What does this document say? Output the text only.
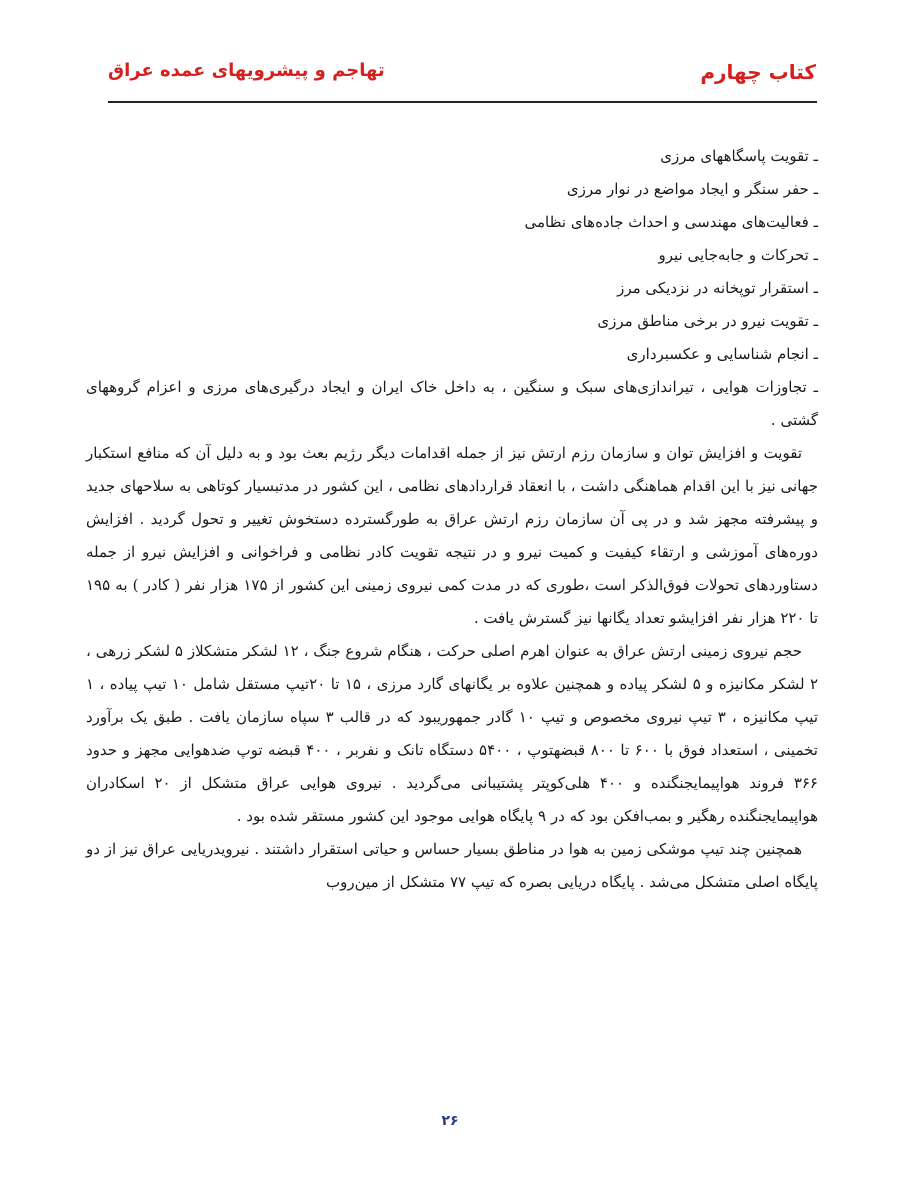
کتاب چهارم
تهاجم و پیشرویهای عمده عراق
ـ تقویت پاسگاههای مرزی
ـ حفر سنگر و ایجاد مواضع در نوار مرزی
ـ فعالیت‌های مهندسی و احداث جاده‌های نظامی
ـ تحرکات و جابه‌جایی نیرو
ـ استقرار توپخانه در نزدیکی مرز
ـ تقویت نیرو در برخی مناطق مرزی
ـ انجام شناسایی و عکسبرداری
ـ تجاوزات هوایی ، تیراندازی‌های سبک و سنگین ، به داخل خاک ایران و ایجاد درگیری‌های مرزی و اعزام گروههای گشتی .

تقویت و افزایش توان و سازمان رزم ارتش نیز از جمله اقدامات دیگر رژیم بعث بود و به دلیل آن که منافع استکبار جهانی نیز با این اقدام هماهنگی داشت ، با انعقاد قراردادهای نظامی ، این کشور در مدتبسیار کوتاهی به سلاحهای جدید و پیشرفته مجهز شد و در پی آن سازمان رزم ارتش عراق به طورگسترده دستخوش تغییر و تحول گردید . افزایش دوره‌های آموزشی و ارتقاء کیفیت و کمیت نیرو و در نتیجه تقویت کادر نظامی و فراخوانی و افزایش نیرو از جمله دستاوردهای تحولات فوق‌الذکر است ،طوری که در مدت کمی نیروی زمینی این کشور از ۱۷۵ هزار نفر ( کادر ) به ۱۹۵ تا ۲۲۰ هزار نفر افزایشو تعداد یگانها نیز گسترش یافت .

حجم نیروی زمینی ارتش عراق به عنوان اهرم اصلی حرکت ، هنگام شروع جنگ ، ۱۲ لشکر متشکلاز ۵ لشکر زرهی ، ۲ لشکر مکانیزه و ۵ لشکر پیاده و همچنین علاوه بر یگانهای گارد مرزی ، ۱۵ تا ۲۰تیپ مستقل شامل ۱۰ تیپ پیاده ، ۱ تیپ مکانیزه ، ۳ تیپ نیروی مخصوص و تیپ ۱۰ گادر جمهوریبود که در قالب ۳ سپاه سازمان یافت . طبق یک برآورد تخمینی ، استعداد فوق با ۶۰۰ تا ۸۰۰ قبضهتوپ ، ۵۴۰۰ دستگاه تانک و نفربر ، ۴۰۰ قبضه توپ ضدهوایی مجهز و حدود ۳۶۶ فروند هواپیمایجنگنده و ۴۰۰ هلی‌کوپتر پشتیبانی می‌گردید . نیروی هوایی عراق متشکل از ۲۰ اسکادران هواپیمایجنگنده رهگیر و بمب‌افکن بود که در ۹ پایگاه هوایی موجود این کشور مستقر شده بود .

همچنین چند تیپ موشکی زمین به هوا در مناطق بسیار حساس و حیاتی استقرار داشتند . نیرویدریایی عراق نیز از دو پایگاه اصلی متشکل می‌شد . پایگاه دریایی بصره که تیپ ۷۷ متشکل از مین‌روب

۲۶
